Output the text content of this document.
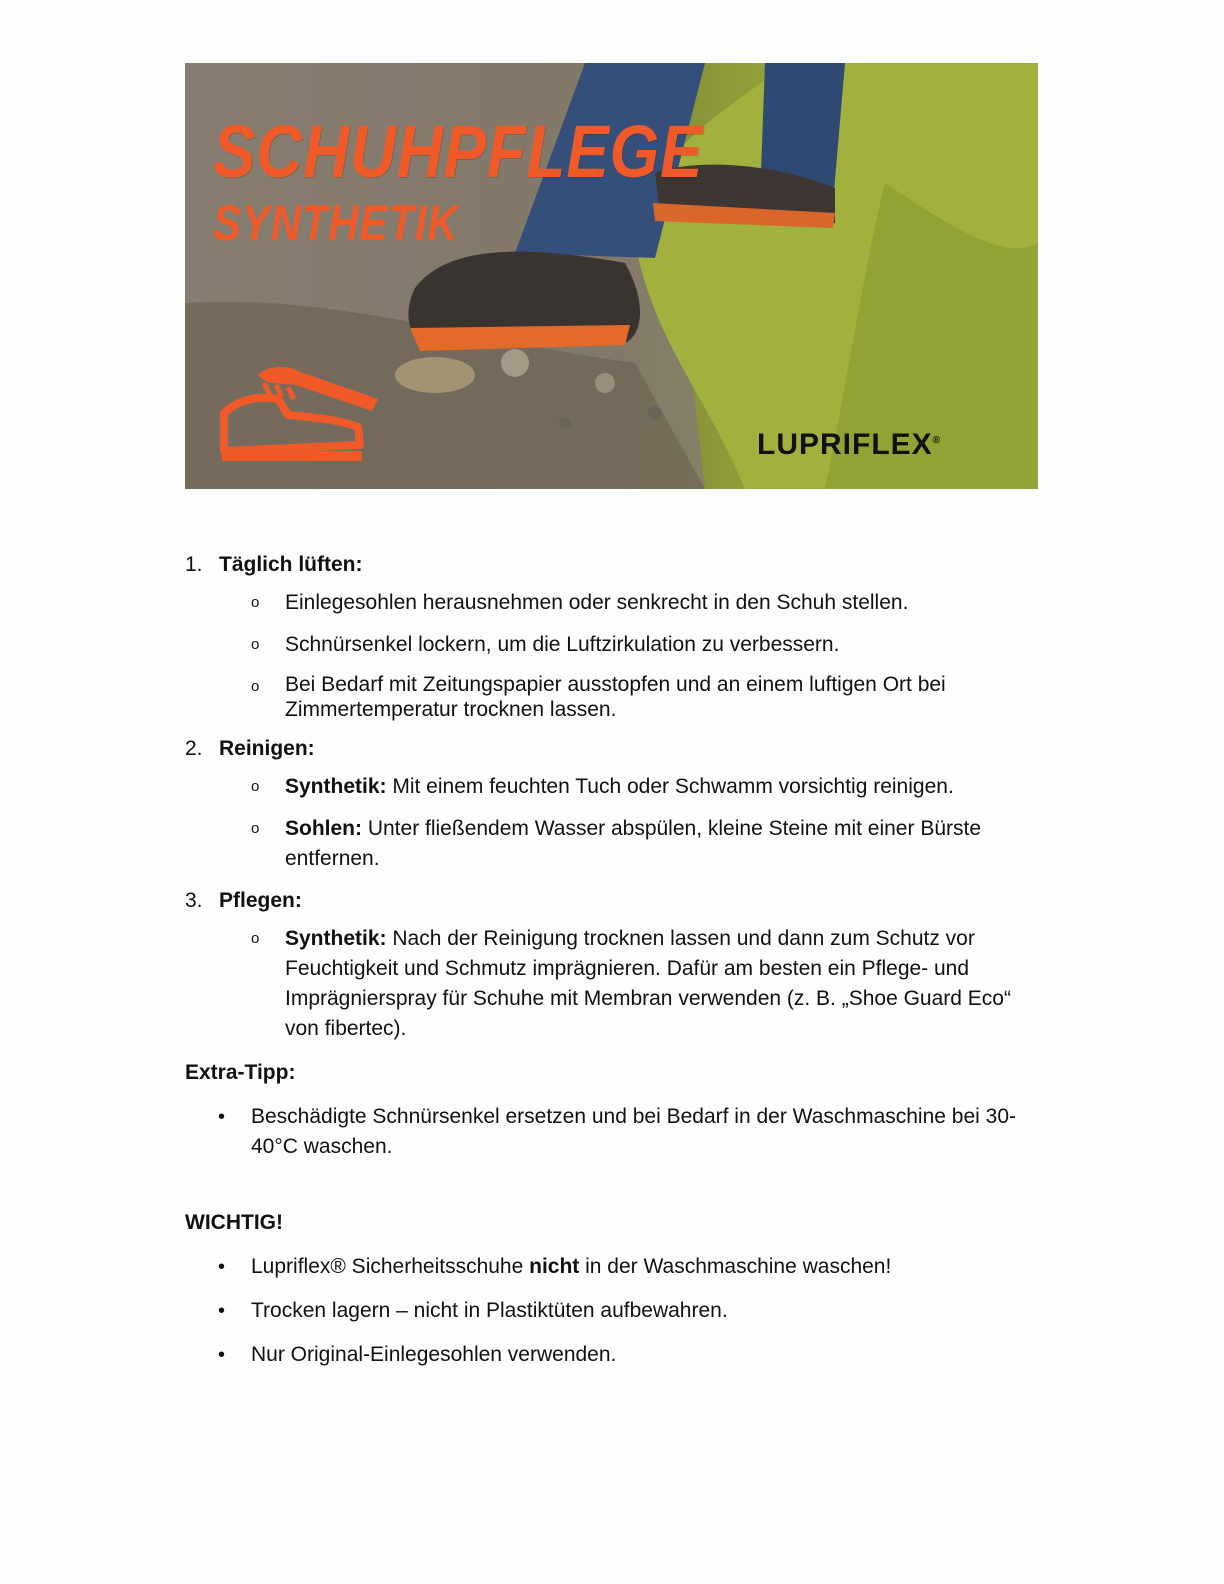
SCHUHPFLEGE
SYNTHETIK
LUPRIFLEX®
1. Täglich lüften:
o	Einlegesohlen herausnehmen oder senkrecht in den Schuh stellen.
o	Schnürsenkel lockern, um die Luftzirkulation zu verbessern.
o	Bei Bedarf mit Zeitungspapier ausstopfen und an einem luftigen Ort bei Zimmertemperatur trocknen lassen.
2. Reinigen:
o	Synthetik: Mit einem feuchten Tuch oder Schwamm vorsichtig reinigen.
o	Sohlen: Unter fließendem Wasser abspülen, kleine Steine mit einer Bürste entfernen.
3. Pflegen:
o	Synthetik: Nach der Reinigung trocknen lassen und dann zum Schutz vor Feuchtigkeit und Schmutz imprägnieren. Dafür am besten ein Pflege- und Imprägnierspray für Schuhe mit Membran verwenden (z. B. „Shoe Guard Eco“ von fibertec).
Extra-Tipp:
•	Beschädigte Schnürsenkel ersetzen und bei Bedarf in der Waschmaschine bei 30-40°C waschen.
WICHTIG!
•	Lupriflex® Sicherheitsschuhe nicht in der Waschmaschine waschen!
•	Trocken lagern – nicht in Plastiktüten aufbewahren.
•	Nur Original-Einlegesohlen verwenden.
